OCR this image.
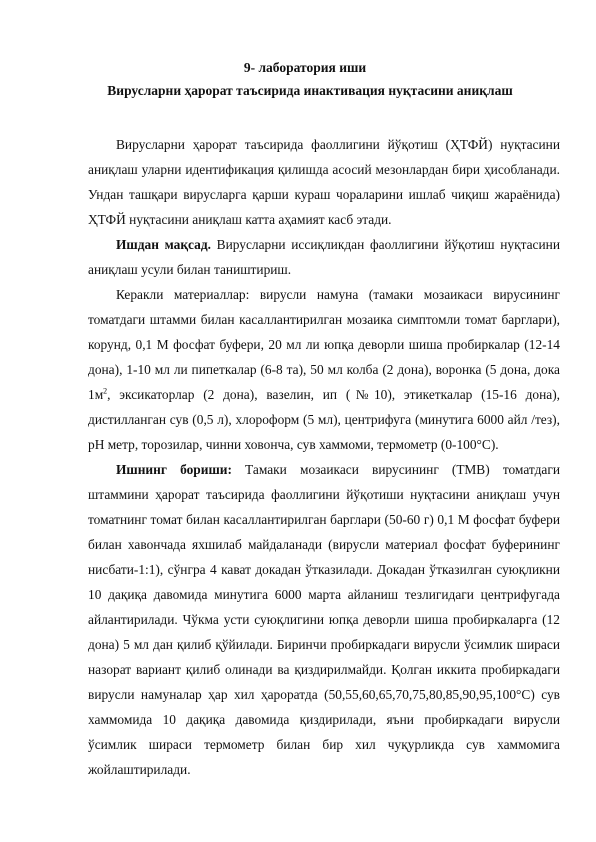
9- лаборатория иши
Вирусларни ҳарорат таъсирида инактивация нуқтасини аниқлаш

Вирусларни ҳарорат таъсирида фаоллигини йўқотиш (ҲТФЙ) нуқтасини аниқлаш уларни идентификация қилишда асосий мезонлардан бири ҳисобланади. Ундан ташқари вирусларга қарши кураш чораларини ишлаб чиқиш жараёнида) ҲТФЙ нуқтасини аниқлаш катта аҳамият касб этади.

Ишдан мақсад. Вирусларни иссиқликдан фаоллигини йўқотиш нуқтасини аниқлаш усули билан таништириш.

Керакли материаллар: вирусли намуна (тамаки мозаикаси вирусининг томатдаги штамми билан касаллантирилган мозаика симптомли томат барглари), корунд, 0,1 М фосфат буфери, 20 мл ли юпқа деворли шиша пробиркалар (12-14 дона), 1-10 мл ли пипеткалар (6-8 та), 50 мл колба (2 дона), воронка (5 дона, дока $1м^2$, эксикаторлар (2 дона), вазелин, ип (№10), этикеткалар (15-16 дона), дистилланган сув (0,5 л), хлороформ (5 мл), центрифуга (минутига 6000 айл /тез), рН метр, торозилар, чинни ховонча, сув хаммоми, термометр (0-100°С).

Ишнинг бориши: Тамаки мозаикаси вирусининг (ТМВ) томатдаги штаммини ҳарорат таъсирида фаоллигини йўқотиши нуқтасини аниқлаш учун томатнинг томат билан касаллантирилган барглари (50-60 г) 0,1 М фосфат буфери билан хавончада яхшилаб майдаланади (вирусли материал фосфат буферининг нисбати-1:1), сўнгра 4 кават докадан ўтказилади. Докадан ўтказилган суюқликни 10 дақиқа давомида минутига 6000 марта айланиш тезлигидаги центрифугада айлантирилади. Чўкма усти суюқлигини юпқа деворли шиша пробиркаларга (12 дона) 5 мл дан қилиб қўйилади. Биринчи пробиркадаги вирусли ўсимлик шираси назорат вариант қилиб олинади ва қиздирилмайди. Қолган иккита пробиркадаги вирусли намуналар ҳар хил ҳароратда (50,55,60,65,70,75,80,85,90,95,100°С) сув хаммомида 10 дақиқа давомида қиздирилади, яъни пробиркадаги вирусли ўсимлик шираси термометр билан бир хил чуқурликда сув хаммомига жойлаштирилади.
